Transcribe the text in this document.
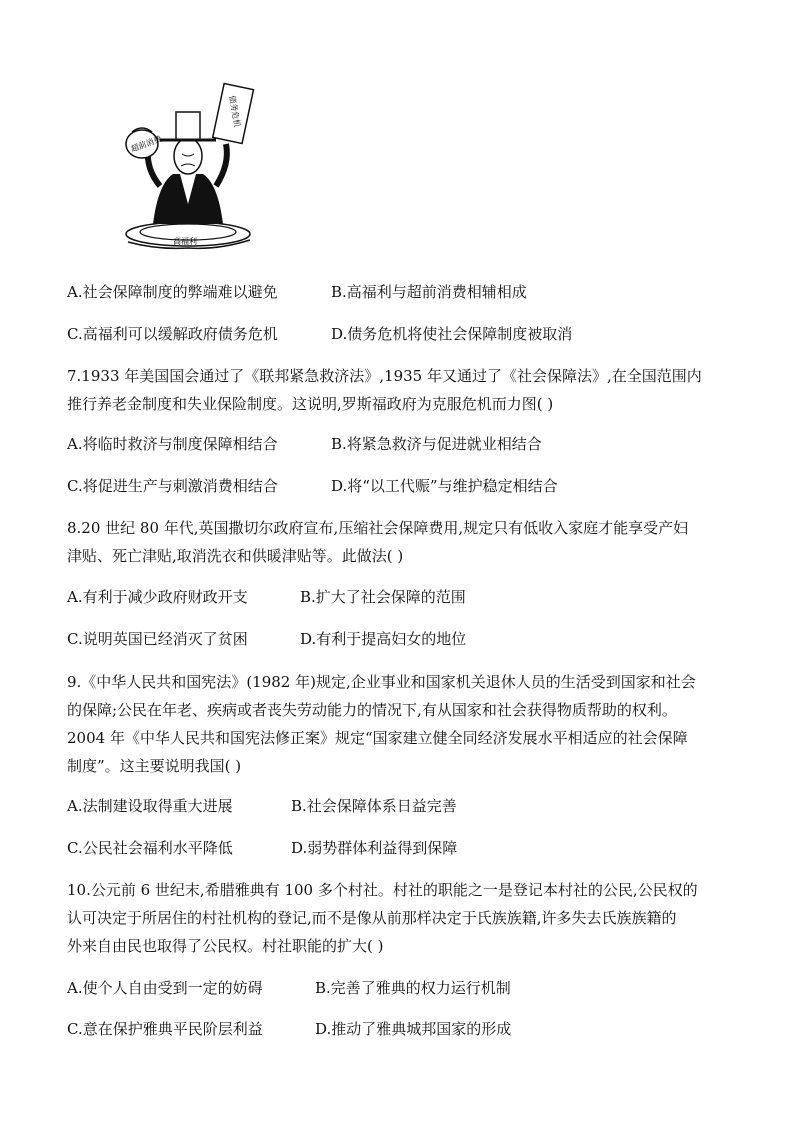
超前消费
债务危机
高福利
A.社会保障制度的弊端难以避免	B.高福利与超前消费相辅相成
C.高福利可以缓解政府债务危机	D.债务危机将使社会保障制度被取消

7.1933 年美国国会通过了《联邦紧急救济法》,1935 年又通过了《社会保障法》,在全国范围内

推行养老金制度和失业保险制度。这说明,罗斯福政府为克服危机而力图( )

A.将临时救济与制度保障相结合	B.将紧急救济与促进就业相结合
C.将促进生产与刺激消费相结合	D.将“以工代赈”与维护稳定相结合

8.20 世纪 80 年代,英国撒切尔政府宣布,压缩社会保障费用,规定只有低收入家庭才能享受产妇

津贴、死亡津贴,取消洗衣和供暖津贴等。此做法( )

A.有利于减少政府财政开支	B.扩大了社会保障的范围
C.说明英国已经消灭了贫困	D.有利于提高妇女的地位

9.《中华人民共和国宪法》(1982 年)规定,企业事业和国家机关退休人员的生活受到国家和社会

的保障;公民在年老、疾病或者丧失劳动能力的情况下,有从国家和社会获得物质帮助的权利。

2004 年《中华人民共和国宪法修正案》规定“国家建立健全同经济发展水平相适应的社会保障

制度”。这主要说明我国( )

A.法制建设取得重大进展	B.社会保障体系日益完善
C.公民社会福利水平降低	D.弱势群体利益得到保障

10.公元前 6 世纪末,希腊雅典有 100 多个村社。村社的职能之一是登记本村社的公民,公民权的

认可决定于所居住的村社机构的登记,而不是像从前那样决定于氏族族籍,许多失去氏族族籍的

外来自由民也取得了公民权。村社职能的扩大( )

A.使个人自由受到一定的妨碍	B.完善了雅典的权力运行机制
C.意在保护雅典平民阶层利益	D.推动了雅典城邦国家的形成
